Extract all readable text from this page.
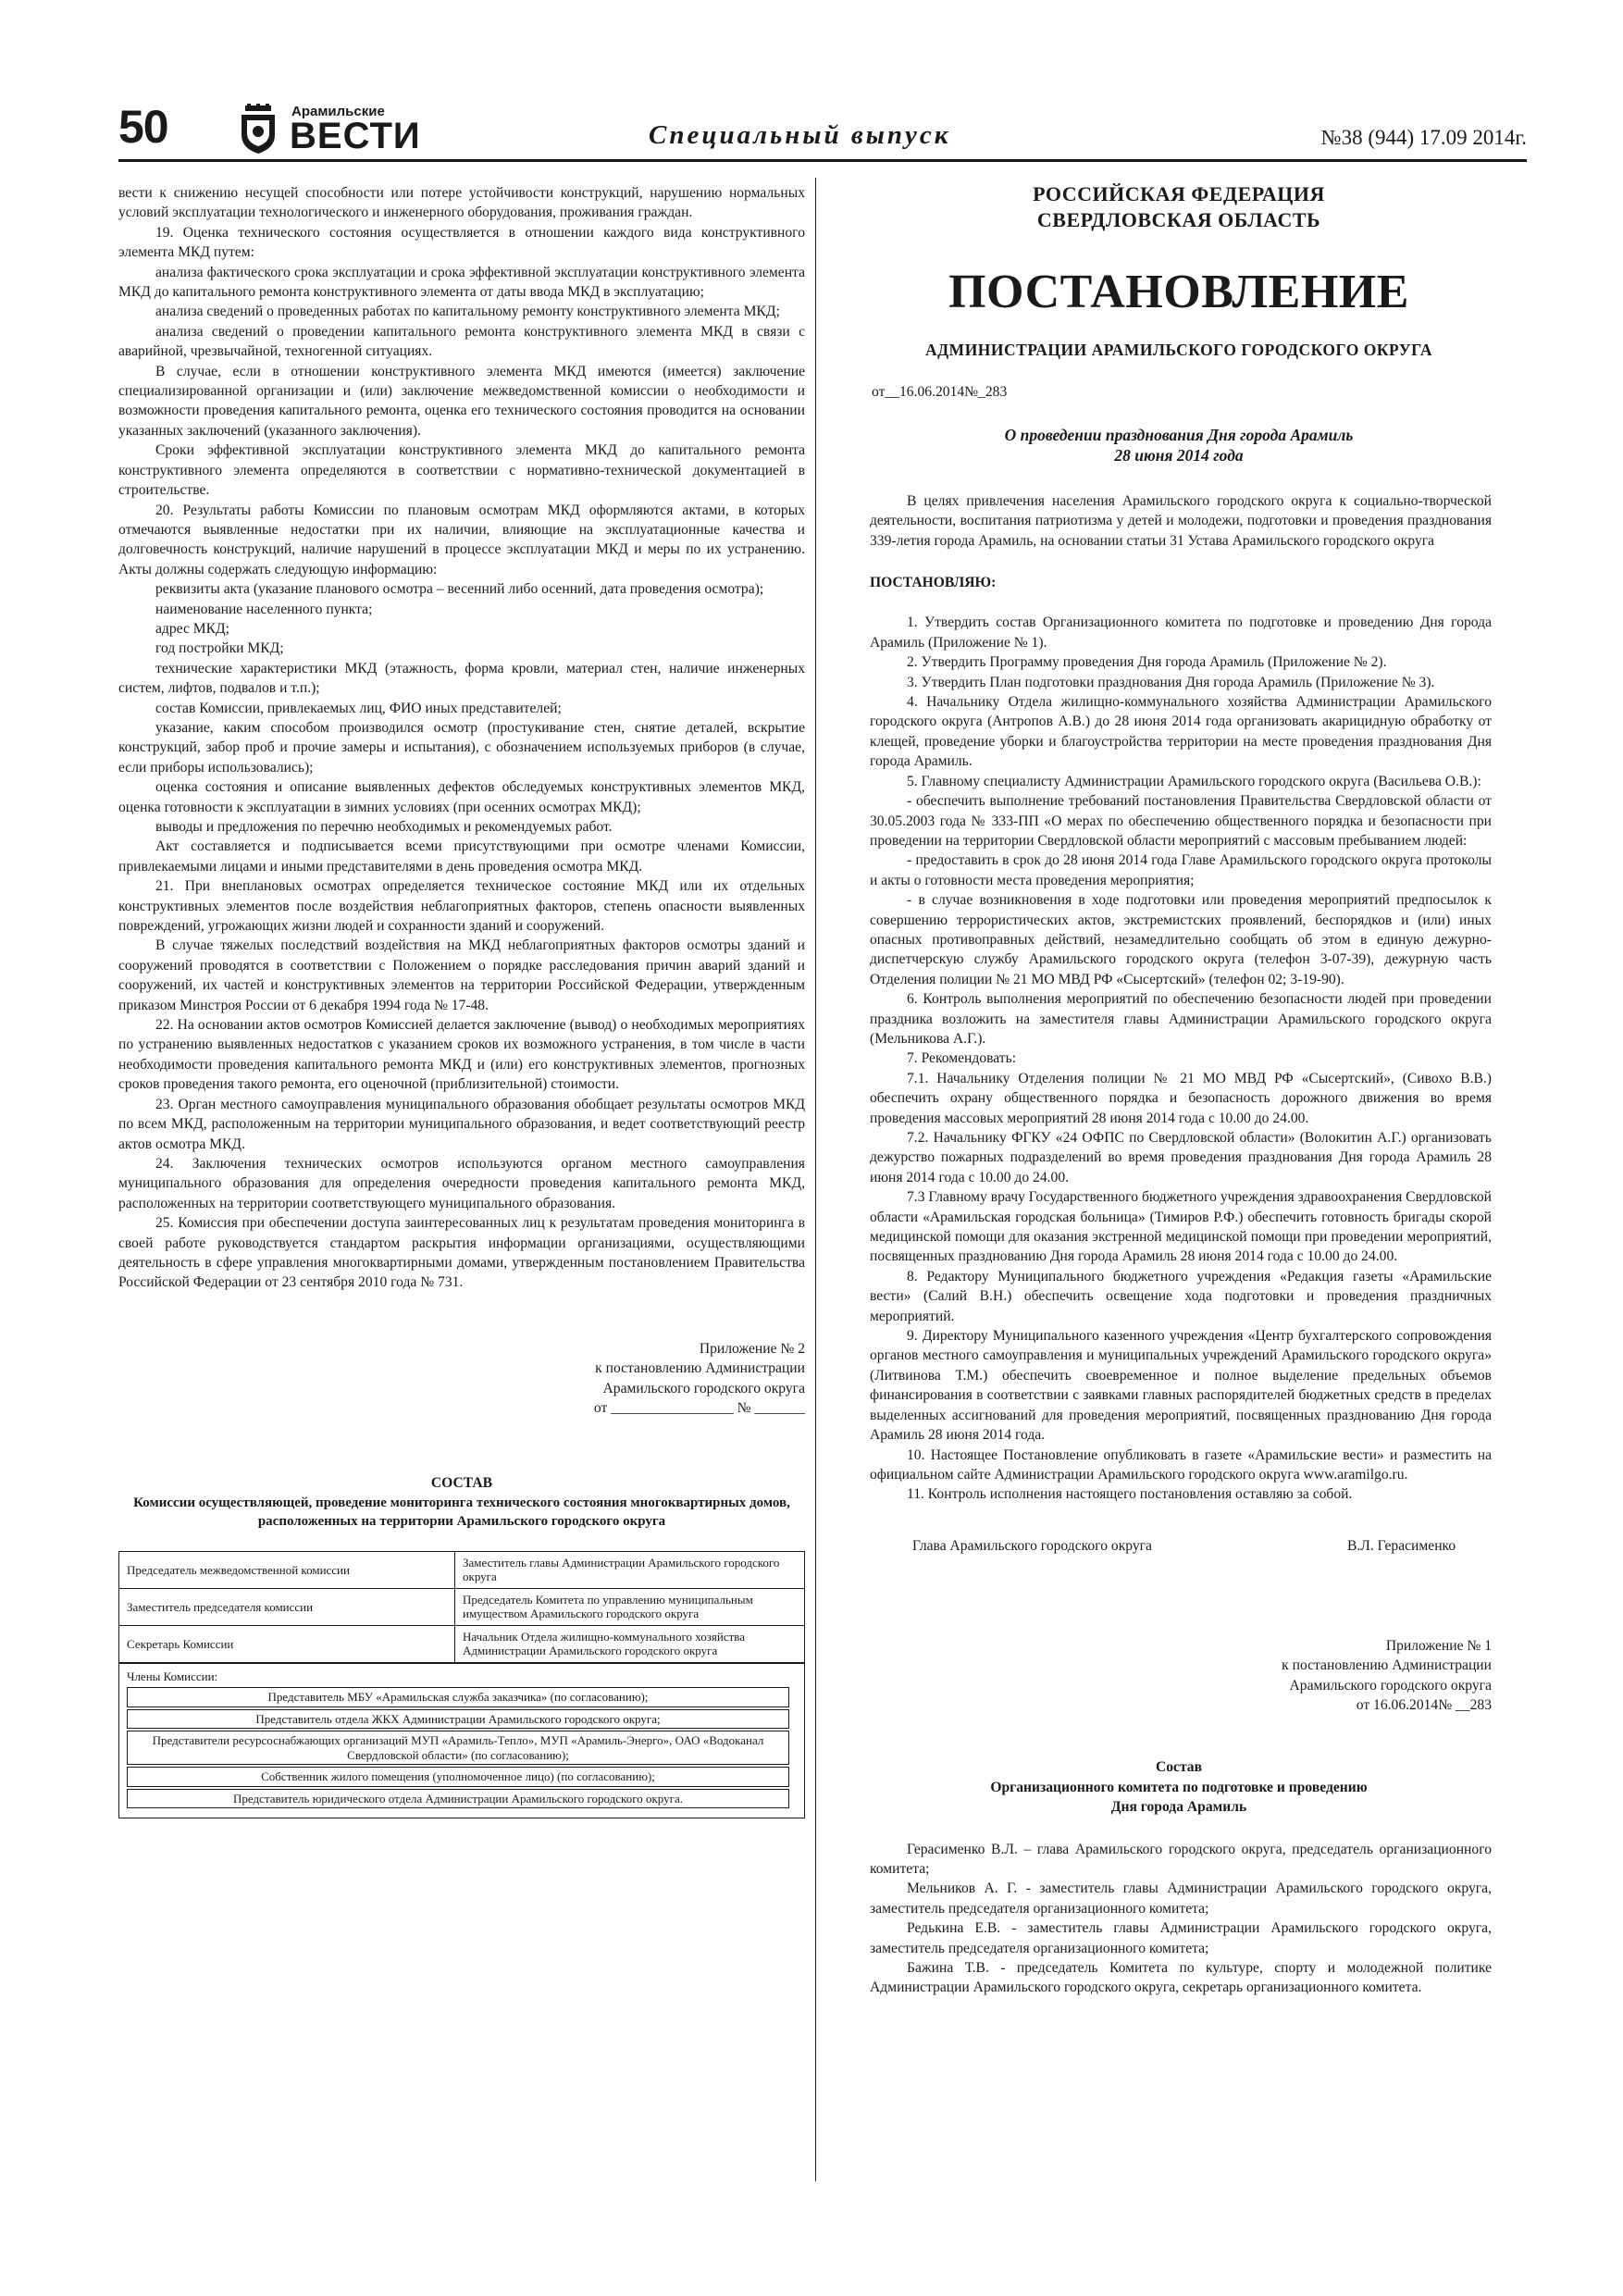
50	Арамильские
ВЕСТИ	Специальный выпуск	№38 (944) 17.09 2014г.

вести к снижению несущей способности или потере устойчивости конструкций, нарушению нормальных условий эксплуатации технологического и инженерного оборудования, проживания граждан.

19. Оценка технического состояния осуществляется в отношении каждого вида конструктивного элемента МКД путем:

анализа фактического срока эксплуатации и срока эффективной эксплуатации конструктивного элемента МКД до капитального ремонта конструктивного элемента от даты ввода МКД в эксплуатацию;

анализа сведений о проведенных работах по капитальному ремонту конструктивного элемента МКД;

анализа сведений о проведении капитального ремонта конструктивного элемента МКД в связи с аварийной, чрезвычайной, техногенной ситуациях.

В случае, если в отношении конструктивного элемента МКД имеются (имеется) заключение специализированной организации и (или) заключение межведомственной комиссии о необходимости и возможности проведения капитального ремонта, оценка его технического состояния проводится на основании указанных заключений (указанного заключения).

Сроки эффективной эксплуатации конструктивного элемента МКД до капитального ремонта конструктивного элемента определяются в соответствии с нормативно-технической документацией в строительстве.

20. Результаты работы Комиссии по плановым осмотрам МКД оформляются актами, в которых отмечаются выявленные недостатки при их наличии, влияющие на эксплуатационные качества и долговечность конструкций, наличие нарушений в процессе эксплуатации МКД и меры по их устранению. Акты должны содержать следующую информацию:

реквизиты акта (указание планового осмотра – весенний либо осенний, дата проведения осмотра);

наименование населенного пункта;

адрес МКД;

год постройки МКД;

технические характеристики МКД (этажность, форма кровли, материал стен, наличие инженерных систем, лифтов, подвалов и т.п.);

состав Комиссии, привлекаемых лиц, ФИО иных представителей;

указание, каким способом производился осмотр (простукивание стен, снятие деталей, вскрытие конструкций, забор проб и прочие замеры и испытания), с обозначением используемых приборов (в случае, если приборы использовались);

оценка состояния и описание выявленных дефектов обследуемых конструктивных элементов МКД, оценка готовности к эксплуатации в зимних условиях (при осенних осмотрах МКД);

выводы и предложения по перечню необходимых и рекомендуемых работ.

Акт составляется и подписывается всеми присутствующими при осмотре членами Комиссии, привлекаемыми лицами и иными представителями в день проведения осмотра МКД.

21. При внеплановых осмотрах определяется техническое состояние МКД или их отдельных конструктивных элементов после воздействия неблагоприятных факторов, степень опасности выявленных повреждений, угрожающих жизни людей и сохранности зданий и сооружений.

В случае тяжелых последствий воздействия на МКД неблагоприятных факторов осмотры зданий и сооружений проводятся в соответствии с Положением о порядке расследования причин аварий зданий и сооружений, их частей и конструктивных элементов на территории Российской Федерации, утвержденным приказом Минстроя России от 6 декабря 1994 года № 17-48.

22. На основании актов осмотров Комиссией делается заключение (вывод) о необходимых мероприятиях по устранению выявленных недостатков с указанием сроков их возможного устранения, в том числе в части необходимости проведения капитального ремонта МКД и (или) его конструктивных элементов, прогнозных сроков проведения такого ремонта, его оценочной (приблизительной) стоимости.

23. Орган местного самоуправления муниципального образования обобщает результаты осмотров МКД по всем МКД, расположенным на территории муниципального образования, и ведет соответствующий реестр актов осмотра МКД.

24. Заключения технических осмотров используются органом местного самоуправления муниципального образования для определения очередности проведения капитального ремонта МКД, расположенных на территории соответствующего муниципального образования.

25. Комиссия при обеспечении доступа заинтересованных лиц к результатам проведения мониторинга в своей работе руководствуется стандартом раскрытия информации организациями, осуществляющими деятельность в сфере управления многоквартирными домами, утвержденным постановлением Правительства Российской Федерации от 23 сентября 2010 года № 731.

Приложение № 2
к постановлению Администрации
Арамильского городского округа
от _________________ № _______
СОСТАВ
Комиссии осуществляющей, проведение мониторинга технического состояния многоквартирных домов, расположенных на территории Арамильского городского округа
Председатель межведомственной комиссии	Заместитель главы Администрации Арамильского городского округа
Заместитель председателя комиссии	Председатель Комитета по управлению муниципальным имуществом Арамильского городского округа
Секретарь Комиссии	Начальник Отдела жилищно-коммунального хозяйства Администрации Арамильского городского округа
Члены Комиссии:
Представитель МБУ «Арамильская служба заказчика» (по согласованию);
Представитель отдела ЖКХ Администрации Арамильского городского округа;
Представители ресурсоснабжающих организаций МУП «Арамиль-Тепло», МУП «Арамиль-Энерго», ОАО «Водоканал Свердловской области» (по согласованию);
Собственник жилого помещения (уполномоченное лицо) (по согласованию);
Представитель юридического отдела Администрации Арамильского городского округа.
РОССИЙСКАЯ ФЕДЕРАЦИЯ
СВЕРДЛОВСКАЯ ОБЛАСТЬ
ПОСТАНОВЛЕНИЕ
АДМИНИСТРАЦИИ АРАМИЛЬСКОГО ГОРОДСКОГО ОКРУГА
от__16.06.2014№_283
О проведении празднования Дня города Арамиль
28 июня 2014 года

В целях привлечения населения Арамильского городского округа к социально-творческой деятельности, воспитания патриотизма у детей и молодежи, подготовки и проведения празднования 339-летия города Арамиль, на основании статьи 31 Устава Арамильского городского округа

ПОСТАНОВЛЯЮ:

1. Утвердить состав Организационного комитета по подготовке и проведению Дня города Арамиль (Приложение № 1).

2. Утвердить Программу проведения Дня города Арамиль (Приложение № 2).

3. Утвердить План подготовки празднования Дня города Арамиль (Приложение № 3).

4. Начальнику Отдела жилищно-коммунального хозяйства Администрации Арамильского городского округа (Антропов А.В.) до 28 июня 2014 года организовать акарицидную обработку от клещей, проведение уборки и благоустройства территории на месте проведения празднования Дня города Арамиль.

5. Главному специалисту Администрации Арамильского городского округа (Васильева О.В.):

- обеспечить выполнение требований постановления Правительства Свердловской области от 30.05.2003 года № 333-ПП «О мерах по обеспечению общественного порядка и безопасности при проведении на территории Свердловской области мероприятий с массовым пребыванием людей:

- предоставить в срок до 28 июня 2014 года Главе Арамильского городского округа протоколы и акты о готовности места проведения мероприятия;

- в случае возникновения в ходе подготовки или проведения мероприятий предпосылок к совершению террористических актов, экстремистских проявлений, беспорядков и (или) иных опасных противоправных действий, незамедлительно сообщать об этом в единую дежурно-диспетчерскую службу Арамильского городского округа (телефон 3-07-39), дежурную часть Отделения полиции № 21 МО МВД РФ «Сысертский» (телефон 02; 3-19-90).

6. Контроль выполнения мероприятий по обеспечению безопасности людей при проведении праздника возложить на заместителя главы Администрации Арамильского городского округа (Мельникова А.Г.).

7. Рекомендовать:

7.1. Начальнику Отделения полиции № 21 МО МВД РФ «Сысертский», (Сивохо В.В.) обеспечить охрану общественного порядка и безопасность дорожного движения во время проведения массовых мероприятий 28 июня 2014 года с 10.00 до 24.00.

7.2. Начальнику ФГКУ «24 ОФПС по Свердловской области» (Волокитин А.Г.) организовать дежурство пожарных подразделений во время проведения празднования Дня города Арамиль 28 июня 2014 года с 10.00 до 24.00.

7.3 Главному врачу Государственного бюджетного учреждения здравоохранения Свердловской области «Арамильская городская больница» (Тимиров Р.Ф.) обеспечить готовность бригады скорой медицинской помощи для оказания экстренной медицинской помощи при проведении мероприятий, посвященных празднованию Дня города Арамиль 28 июня 2014 года с 10.00 до 24.00.

8. Редактору Муниципального бюджетного учреждения «Редакция газеты «Арамильские вести» (Салий В.Н.) обеспечить освещение хода подготовки и проведения праздничных мероприятий.

9. Директору Муниципального казенного учреждения «Центр бухгалтерского сопровождения органов местного самоуправления и муниципальных учреждений Арамильского городского округа» (Литвинова Т.М.) обеспечить своевременное и полное выделение предельных объемов финансирования в соответствии с заявками главных распорядителей бюджетных средств в пределах выделенных ассигнований для проведения мероприятий, посвященных празднованию Дня города Арамиль 28 июня 2014 года.

10. Настоящее Постановление опубликовать в газете «Арамильские вести» и разместить на официальном сайте Администрации Арамильского городского округа www.aramilgo.ru.

11. Контроль исполнения настоящего постановления оставляю за собой.

Глава Арамильского городского округа	В.Л. Герасименко
Приложение № 1
к постановлению Администрации
Арамильского городского округа
от 16.06.2014№ __283
Состав
Организационного комитета по подготовке и проведению
Дня города Арамиль

Герасименко В.Л. – глава Арамильского городского округа, председатель организационного комитета;

Мельников А. Г. - заместитель главы Администрации Арамильского городского округа, заместитель председателя организационного комитета;

Редькина Е.В. - заместитель главы Администрации Арамильского городского округа, заместитель председателя организационного комитета;

Бажина Т.В. - председатель Комитета по культуре, спорту и молодежной политике Администрации Арамильского городского округа, секретарь организационного комитета.
